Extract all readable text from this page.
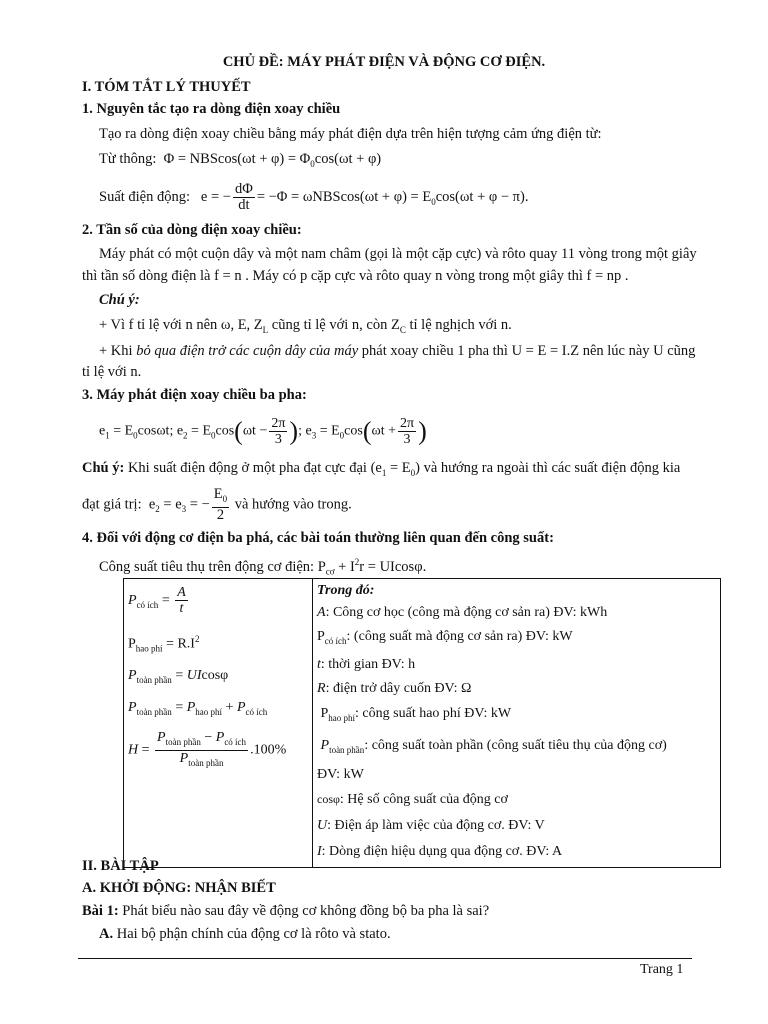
CHỦ ĐỀ: MÁY PHÁT ĐIỆN VÀ ĐỘNG CƠ ĐIỆN.
I. TÓM TẮT LÝ THUYẾT
1. Nguyên tắc tạo ra dòng điện xoay chiều
Tạo ra dòng điện xoay chiều bằng máy phát điện dựa trên hiện tượng cảm ứng điện từ:
Từ thông:  $\Phi = NBScos(\omega t + \varphi) = \Phi_0\cos(\omega t + \varphi)$
Suất điện động:   e = − $\frac{d\Phi}{dt} = -\Phi = \omega NBScos(\omega t + \varphi) = E_0\cos(\omega t + \varphi - \pi)$.
2. Tần số của dòng điện xoay chiều:
Máy phát có một cuộn dây và một nam châm (gọi là một cặp cực) và rôto quay 11 vòng trong một giây
thì tần số dòng điện là f = n . Máy có p cặp cực và rôto quay n vòng trong một giây thì f = np .
Chú ý:
+ Vì f tỉ lệ với n nên ω, E, $Z_L$ cũng tỉ lệ với n, còn $Z_C$ tỉ lệ nghịch với n.
+ Khi bỏ qua điện trở các cuộn dây của máy phát xoay chiều 1 pha thì U = E = I.Z nên lúc này U cũng
tỉ lệ với n.
3. Máy phát điện xoay chiều ba pha:
$e_1 = E_0\cos\omega t$; $e_2 = E_0\cos(\omega t - \frac{2\pi}{3}$ ); $e_3 = E_0\cos(\omega t + \frac{2\pi}{3}$ )
Chú ý: Khi suất điện động ở một pha đạt cực đại $(e_1 = E_0)$ và hướng ra ngoài thì các suất điện động kia
đạt giá trị:  $e_2 = e_3$ = − $\frac{E_0}{2}$ và hướng vào trong.
4. Đối với động cơ điện ba phá, các bài toán thường liên quan đến công suất:
Công suất tiêu thụ trên động cơ điện: $P_{cơ} + I^2r = UIcos\varphi$.
$P_{có ích} = \frac{A}{t}$
$P_{hao phí} = R.I^2$
$P_{toàn phần} = UIcos\varphi$
$P_{toàn phần} = P_{hao phí} + P_{có ích}$
$H = \frac{P_{toàn phần} - P_{có ích}}{P_{toàn phần}} .100\%$

Trong đó:
A: Công cơ học (công mà động cơ sản ra) ĐV: kWh
$P_{có ích}$: (công suất mà động cơ sản ra) ĐV: kW
t: thời gian ĐV: h
R: điện trở dây cuốn ĐV: Ω
$P_{hao phí}$: công suất hao phí ĐV: kW
$P_{toàn phần}$: công suất toàn phần (công suất tiêu thụ của động cơ)
ĐV: kW
cosφ: Hệ số công suất của động cơ
U: Điện áp làm việc của động cơ. ĐV: V
I: Dòng điện hiệu dụng qua động cơ. ĐV: A
II. BÀI TẬP
A. KHỞI ĐỘNG: NHẬN BIẾT
Bài 1: Phát biểu nào sau đây về động cơ không đồng bộ ba pha là sai?
A. Hai bộ phận chính của động cơ là rôto và stato.
Trang 1
